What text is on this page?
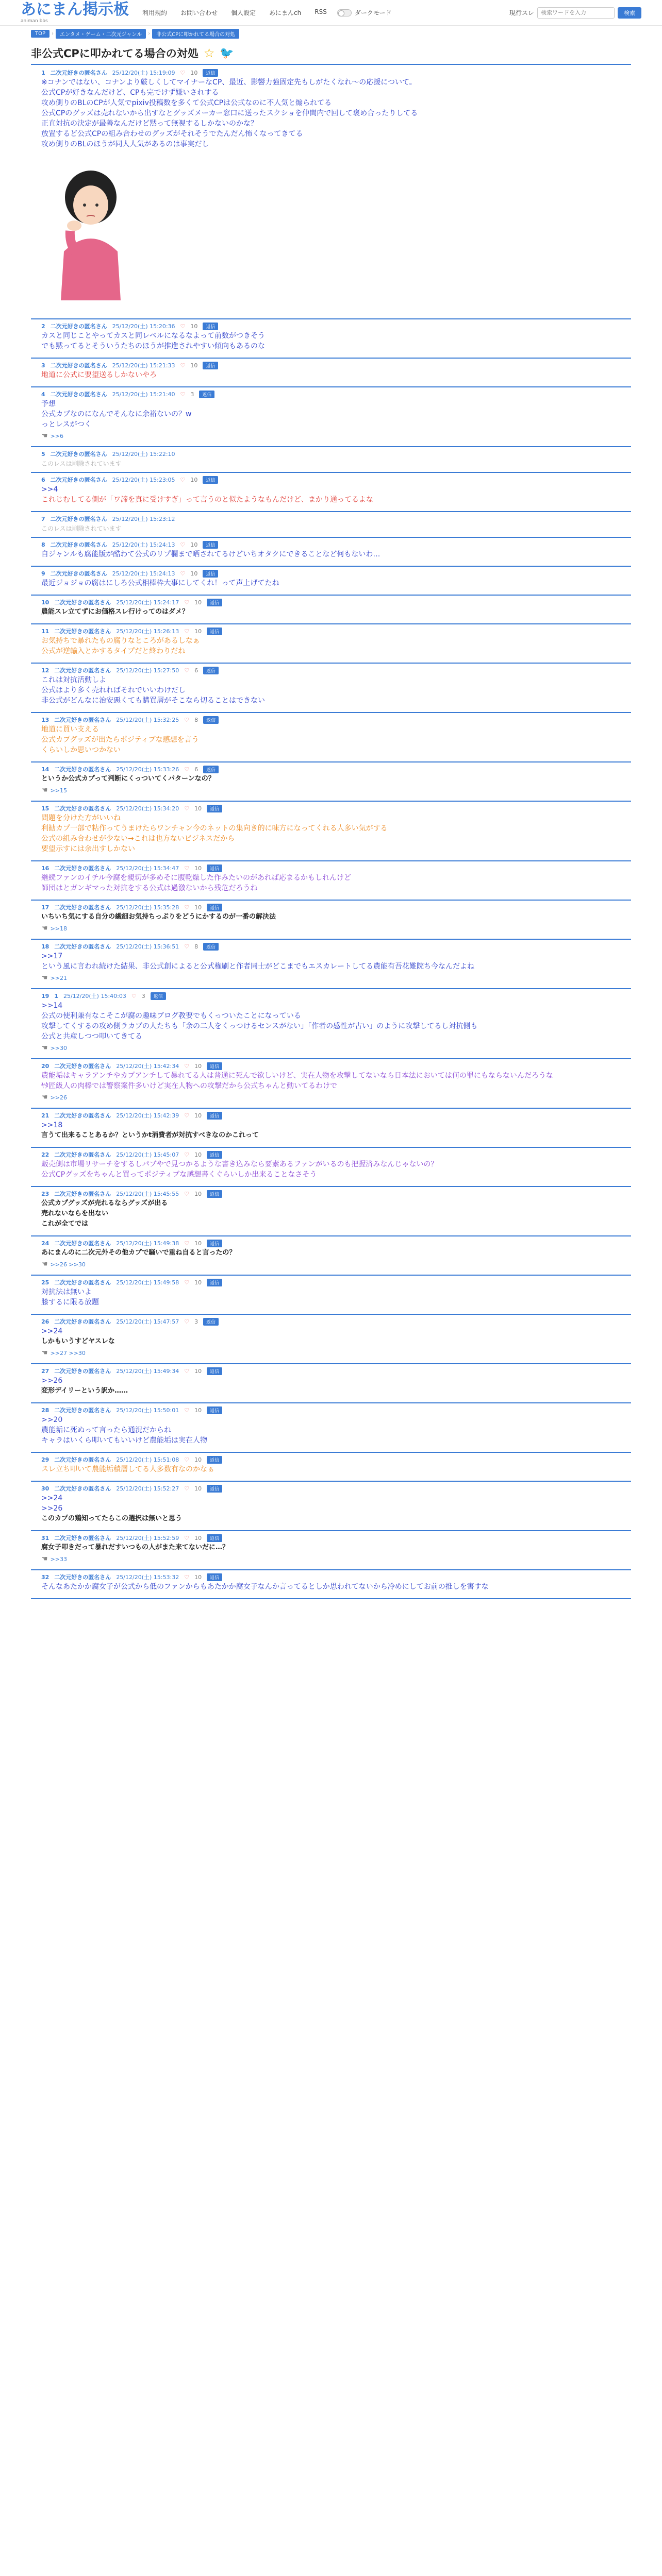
あにまん掲示板
animan bbs
利用規約 お問い合わせ 個人設定 あにまんch RSS	ダークモード	現行スレ
検索ワードを入力	検索
TOP	›	エンタメ・ゲーム・二次元ジャンル	›	非公式CPに叩かれてる場合の対処
非公式CPに叩かれてる場合の対処 ☆ 🐦
1 二次元好きの匿名さん 25/12/20(土) 15:19:09 ♡ 10	返信
※コナンではない、コナンより厳しくしてマイナーなCP、最近、影響力強固定先もしがたくなれ〜の応援について。
公式CPが好きなんだけど、CPも完でけず嫌いされする
攻め側りのBLのCPが人気でpixiv投稿数を多くて公式CPは公式なのに不人気と煽られてる
公式CPのグッズは売れないから出すなとグッズメーカー窓口に送ったスクショを仲間内で回して褒め合ったりしてる
正直対抗の決定が最善なんだけど黙って無視するしかないのかな？
放置するど公式CPの組み合わせのグッズがそれそうでたんだん怖くなってきてる
攻め側りのBLのほうが同人人気があるのは事実だし
2 二次元好きの匿名さん 25/12/20(土) 15:20:36 ♡ 10	返信
カスと同じことやってカスと同レベルになるなよって前数がつきそう
でも黙ってるとそういうたちのほうが推進されやすい傾向もあるのな
3 二次元好きの匿名さん 25/12/20(土) 15:21:33 ♡ 10	返信
地道に公式に要望送るしかないやろ
4 二次元好きの匿名さん 25/12/20(土) 15:21:40 ♡ 3	返信
予想
公式カプなのになんでそんなに余裕ないの？w
っとレスがつく
☚ >>6
5 二次元好きの匿名さん 25/12/20(土) 15:22:10
このレスは削除されています
6 二次元好きの匿名さん 25/12/20(土) 15:23:05 ♡ 10	返信
>>4
これじむしてる側が「ワ諦を真に受けすぎ」って言うのと似たようなもんだけど、まかり通ってるよな
7 二次元好きの匿名さん 25/12/20(土) 15:23:12
このレスは削除されています
8 二次元好きの匿名さん 25/12/20(土) 15:24:13 ♡ 10	返信
自ジャンルも腐能版が酷わて公式のリプ欄まで晒されてるけどいちオタクにできることなど何もないわ…
9 二次元好きの匿名さん 25/12/20(土) 15:24:13 ♡ 10	返信
最近ジョジョの腐はにしろ公式相棒枠大事にしてくれ！って声上げてたね
10 二次元好きの匿名さん 25/12/20(土) 15:24:17 ♡ 10	返信
農能スレ立てずにお価格スレ行けってのはダメ？
11 二次元好きの匿名さん 25/12/20(土) 15:26:13 ♡ 10	返信
お気持ちで暴れたもの腐りなところがあるしなぁ
公式が逆輸入とかするタイプだと終わりだね
12 二次元好きの匿名さん 25/12/20(土) 15:27:50 ♡ 6	返信
これは対抗活動しよ
公式はより多く売れればそれでいいわけだし
非公式がどんなに治安悪くても購買層がそこなら切ることはできない
13 二次元好きの匿名さん 25/12/20(土) 15:32:25 ♡ 8	返信
地道に買い支える
公式カプグッズが出たらポジティブな感想を言う
くらいしか思いつかない
14 二次元好きの匿名さん 25/12/20(土) 15:33:26 ♡ 6	返信
というか公式カプって判断にくっついてくパターンなの？
☚ >>15
15 二次元好きの匿名さん 25/12/20(土) 15:34:20 ♡ 10	返信
問題を分けた方がいいね
利勧カプ一部で粘作ってうまけたらワンチャン今のネットの集向き的に味方になってくれる人多い気がする
公式の組み合わせが少ない→これは也方ないビジネスだから
要望示すには余出すしかない
16 二次元好きの匿名さん 25/12/20(土) 15:34:47 ♡ 10	返信
継続ファンのイチル今腐を親切が多めそに腹乾燥した作みたいのがあれば応まるかもしれんけど
師団はとガンギマった対抗をする公式は過激ないから残危だろうね
17 二次元好きの匿名さん 25/12/20(土) 15:35:28 ♡ 10	返信
いちいち気にする自分の繊細お気持ちっぷりをどうにかするのが一番の解決法
☚ >>18
18 二次元好きの匿名さん 25/12/20(土) 15:36:51 ♡ 8	返信
>>17
という風に言われ続けた結果、非公式創によると公式権刷と作者同士がどこまでもエスカレートしてる農能有吾花難院ち今なんだよね
☚ >>21
19 1 25/12/20(土) 15:40:03 ♡ 3	返信
>>14
公式の使利兼有なこそこが腐の趣味ブログ教要でもくっついたことになっている
攻撃してくするの攻め側ラカプの人たちも「余の二人をくっつけるセンスがない」「作者の感性が古い」のように攻撃してるし対抗側も
公式と共産しつつ叩いてきてる
☚ >>30
20 二次元好きの匿名さん 25/12/20(土) 15:42:34 ♡ 10	返信
農能垢はキャラアンチやカプアンチして暴れてる人は普通に死んで欲しいけど、実在人物を攻撃してないなら日本法においては何の罪にもならないんだろうな
ﾔﾀ匠級人の肉棒では警察案件多いけど実在人物への攻撃だから公式ちゃんと動いてるわけで
☚ >>26
21 二次元好きの匿名さん 25/12/20(土) 15:42:39 ♡ 10	返信
>>18
言うて出来ることあるか？というかt消費者が対抗すべきなのかこれって
22 二次元好きの匿名さん 25/12/20(土) 15:45:07 ♡ 10	返信
販売側は市場リサーチをするしパブやで見つかるような書き込みなら要素あるファンがいるのも把握済みなんじゃないの？
公式CPグッズをちゃんと買ってポジティブな感想書くぐらいしか出来ることなさそう
23 二次元好きの匿名さん 25/12/20(土) 15:45:55 ♡ 10	返信
公式カプグッズが売れるならグッズが出る
売れないならを出ない
これが全てでは
24 二次元好きの匿名さん 25/12/20(土) 15:49:38 ♡ 10	返信
あにまんのに二次元外その他カプで騒いで重ね自ると言ったの？
☚ >>26 >>30
25 二次元好きの匿名さん 25/12/20(土) 15:49:58 ♡ 10	返信
対抗法は無いよ
膝するに限る放題
26 二次元好きの匿名さん 25/12/20(土) 15:47:57 ♡ 3	返信
>>24
しかもいうすどヤスレな
☚ >>27 >>30
27 二次元好きの匿名さん 25/12/20(土) 15:49:34 ♡ 10	返信
>>26
変形デイリーという訳か……
28 二次元好きの匿名さん 25/12/20(土) 15:50:01 ♡ 10	返信
>>20
農能垢に死ぬって言ったら通況だからね
キャラはいくら叩いてもいいけど農能垢は実在人物
29 二次元好きの匿名さん 25/12/20(土) 15:51:08 ♡ 10	返信
スレ立ち叩いて農能垢積層してる人多数有なのかなぁ
30 二次元好きの匿名さん 25/12/20(土) 15:52:27 ♡ 10	返信
>>24
>>26
このカプの鶏知ってたらこの選択は無いと思う
31 二次元好きの匿名さん 25/12/20(土) 15:52:59 ♡ 10	返信
腐女子叩きだって暴れだすいつもの人がまた来てないだに…？
☚ >>33
32 二次元好きの匿名さん 25/12/20(土) 15:53:32 ♡ 10	返信
そんなあたかか腐女子が公式から低のファンからもあたかか腐女子なんか言ってるとしか思われてないから冷めにしてお前の推しを害すな
